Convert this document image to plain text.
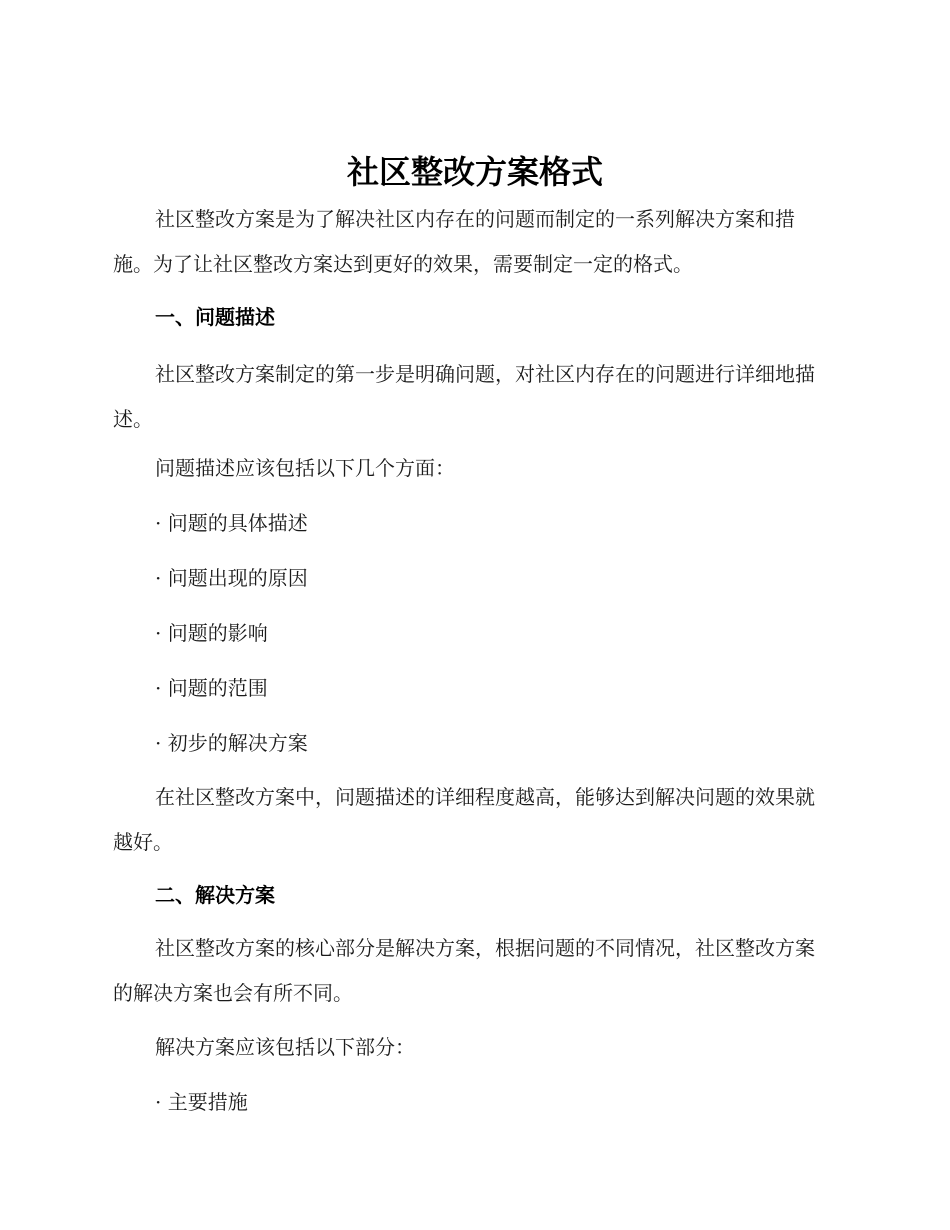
社区整改方案格式

社区整改方案是为了解决社区内存在的问题而制定的一系列解决方案和措施。为了让社区整改方案达到更好的效果，需要制定一定的格式。

一、问题描述

社区整改方案制定的第一步是明确问题，对社区内存在的问题进行详细地描述。

问题描述应该包括以下几个方面：

· 问题的具体描述

· 问题出现的原因

· 问题的影响

· 问题的范围

· 初步的解决方案

在社区整改方案中，问题描述的详细程度越高，能够达到解决问题的效果就越好。

二、解决方案

社区整改方案的核心部分是解决方案，根据问题的不同情况，社区整改方案的解决方案也会有所不同。

解决方案应该包括以下部分：

· 主要措施
